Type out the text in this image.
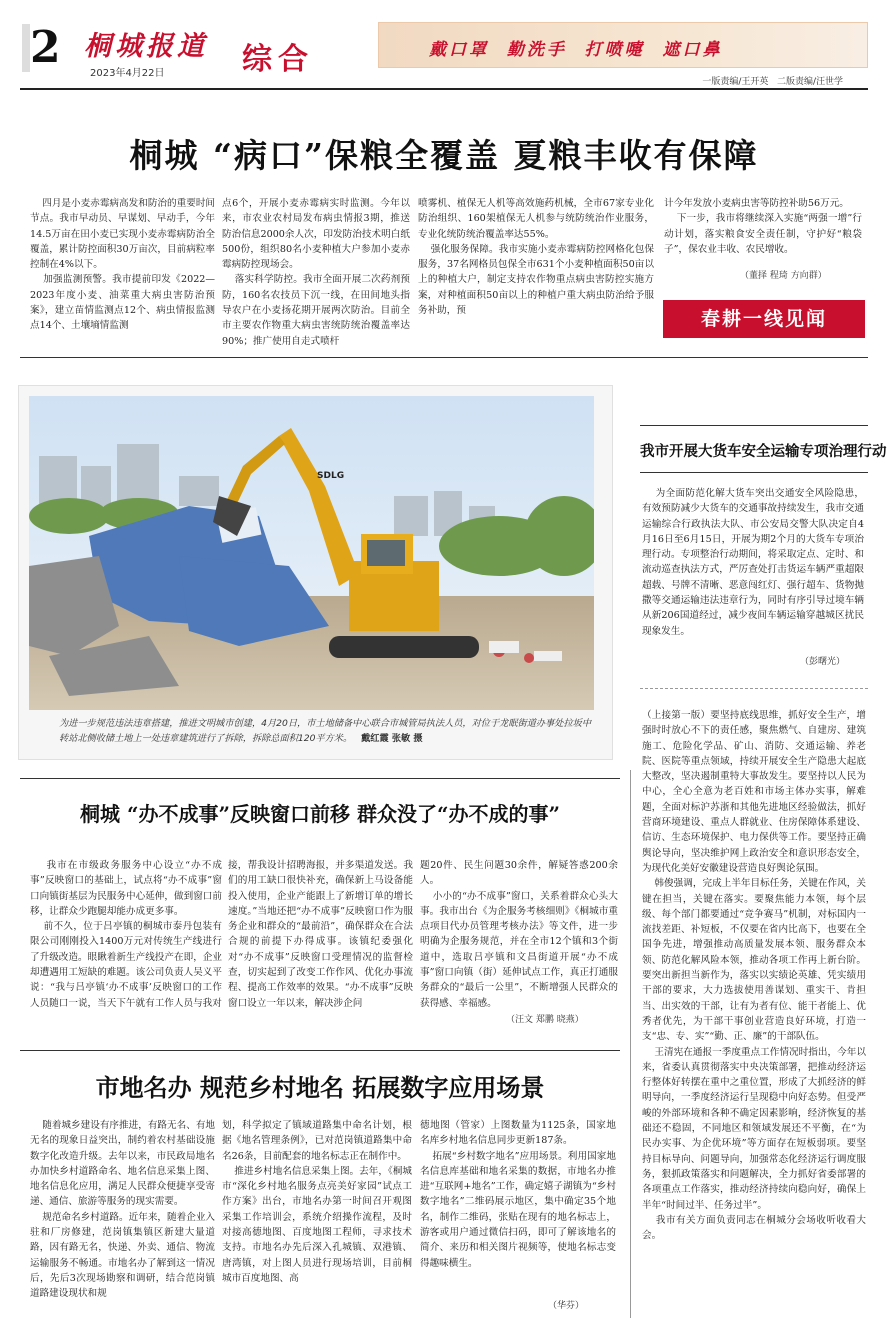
2 桐城报道
2023年4月22日	综合	戴口罩  勤洗手  打喷嚏  遮口鼻
一版责编/王开英   二版责编/汪世学
桐城 “病口”保粮全覆盖 夏粮丰收有保障
四月是小麦赤霉病高发和防治的重要时间节点。我市早动员、早谋划、早动手，今年14.5万亩在田小麦已实现小麦赤霉病防治全覆盖，累计防控面积30万亩次，目前病粒率控制在4%以下。
加强监测预警。我市提前印发《2022—2023年度小麦、油菜重大病虫害防治预案》，建立苗情监测点12个、病虫情报监测点14个、土壤墒情监测
点6个，开展小麦赤霉病实时监测。今年以来，市农业农村局发布病虫情报3期，推送防治信息2000余人次，印发防治技术明白纸500份，组织80名小麦种植大户参加小麦赤霉病防控现场会。
落实科学防控。我市全面开展二次药剂预防，160名农技员下沉一线，在田间地头指导农户在小麦扬花期开展两次防治。目前全市主要农作物重大病虫害统防统治覆盖率达90%；推广使用自走式喷杆
喷雾机、植保无人机等高效施药机械，全市67家专业化防治组织、160架植保无人机参与统防统治作业服务，专业化统防统治覆盖率达55%。
强化服务保障。我市实施小麦赤霉病防控网格化包保服务，37名网格员包保全市631个小麦种植面积50亩以上的种植大户，制定支持农作物重点病虫害防控实施方案，对种植面积50亩以上的种植户重大病虫防治给予服务补助，预
计今年发放小麦病虫害等防控补助56万元。
下一步，我市将继续深入实施“两强一增”行动计划，落实粮食安全责任制，守护好“粮袋子”，保农业丰收、农民增收。
（董择 程琦 方向群）
春耕一线见闻
SDLG
为进一步规范违法违章搭建，推进文明城市创建，4月20日，市土地储备中心联合市城管局执法人员，对位于龙眠街道办事处拉坂中转站北侧收储土地上一处违章建筑进行了拆除，拆除总面积120平方米。 戴红霞 张敏 摄
我市开展大货车安全运输专项治理行动
为全面防范化解大货车突出交通安全风险隐患，有效预防减少大货车的交通事故持续发生，我市交通运输综合行政执法大队、市公安局交警大队决定自4月16日至6月15日，开展为期2个月的大货车专项治理行动。专项整治行动期间，将采取定点、定时、和流动巡查执法方式，严厉查处打击货运车辆严重超限超载、号牌不清晰、恶意闯红灯、强行超车、货物抛撒等交通运输违法违章行为，同时有序引导过境车辆从新206国道经过，减少夜间车辆运输穿越城区扰民现象发生。
（彭曙光）
（上接第一版）要坚持底线思维，抓好安全生产，增强时时放心不下的责任感，聚焦燃气、自建房、建筑施工、危险化学品、矿山、消防、交通运输、养老院、医院等重点领域，持续开展安全生产隐患大起底大整改，坚决遏制重特大事故发生。要坚持以人民为中心，全心全意为老百姓和市场主体办实事，解难题，全面对标沪苏浙和其他先进地区经验做法，抓好营商环境建设、重点人群就业、住房保障体系建设、信访、生态环境保护、电力保供等工作。要坚持正确舆论导向，坚决维护网上政治安全和意识形态安全，为现代化美好安徽建设营造良好舆论氛围。
韩俊强调，完成上半年目标任务，关键在作风，关键在担当，关键在落实。要聚焦能力本领，每个层级、每个部门都要通过“竞争赛马”机制，对标国内一流找差距、补短板，不仅要在省内比高下，也要在全国争先进，增强推动高质量发展本领、服务群众本领、防范化解风险本领，推动各项工作再上新台阶。要突出新担当新作为，落实以实绩论英雄、凭实绩用干部的要求，大力选拔使用善谋划、重实干、肯担当、出实效的干部，让有为者有位、能干者能上、优秀者优先，为干部干事创业营造良好环境，打造一支“忠、专、实”“勤、正、廉”的干部队伍。
王清宪在通报一季度重点工作情况时指出，今年以来，省委认真贯彻落实中央决策部署，把推动经济运行整体好转摆在重中之重位置，形成了大抓经济的鲜明导向，一季度经济运行呈现稳中向好态势。但受严峻的外部环境和各种不确定因素影响，经济恢复的基础还不稳固，不同地区和领域发展还不平衡，在“为民办实事、为企优环境”等方面存在短板弱项。要坚持目标导向、问题导向，加强常态化经济运行调度服务，狠抓政策落实和问题解决，全力抓好省委部署的各项重点工作落实，推动经济持续向稳向好，确保上半年“时间过半、任务过半”。
我市有关方面负责同志在桐城分会场收听收看大会。
桐城 “办不成事”反映窗口前移 群众没了“办不成的事”
我市在市级政务服务中心设立“办不成事”反映窗口的基础上，试点将“办不成事”窗口向镇街基层为民服务中心延伸，做到窗口前移，让群众少跑腿却能办成更多事。
前不久，位于吕亭镇的桐城市泰丹包装有限公司刚刚投入1400万元对传统生产线进行了升级改造。眼瞅着新生产线投产在即，企业却遭遇用工短缺的难题。该公司负责人吴义平说：“我与吕亭镇‘办不成事’反映窗口的工作人员随口一说，当天下午就有工作人员与我对
接，帮我设计招聘海报，并多渠道发送。我们的用工缺口很快补充，确保新上马设备能投入使用，企业产能跟上了新增订单的增长速度。”当地还把“办不成事”反映窗口作为服务企业和群众的“最前沿”，确保群众在合法合规的前提下办得成事。该镇纪委强化对“办不成事”反映窗口受理情况的监督检查，切实起到了改变工作作风、优化办事流程、提高工作效率的效果。“办不成事”反映窗口设立一年以来，解决涉企问
题20件、民生问题30余件，解疑答惑200余人。
小小的“办不成事”窗口，关系着群众心头大事。我市出台《为企服务考核细则》《桐城市重点项目代办员管理考核办法》等文件，进一步明确为企服务规范，并在全市12个镇和3个街道中，选取吕亭镇和文昌街道开展“办不成事”窗口向镇（街）延伸试点工作，真正打通服务群众的“最后一公里”，不断增强人民群众的获得感、幸福感。
（汪文 郑鹏 晓燕）
市地名办 规范乡村地名 拓展数字应用场景
随着城乡建设有序推进，有路无名、有地无名的现象日益突出，制约着农村基础设施数字化改造升级。去年以来，市民政局地名办加快乡村道路命名、地名信息采集上图、地名信息化应用，满足人民群众便捷享受寄递、通信、旅游等服务的现实需要。
规范命名乡村道路。近年来，随着企业入驻和厂房修建，范岗镇集镇区新建大量道路，因有路无名，快递、外卖、通信、物流运输服务不畅通。市地名办了解到这一情况后，先后3次现场勘察和调研，结合范岗镇道路建设现状和规
划，科学拟定了镇域道路集中命名计划，根据《地名管理条例》，已对范岗镇道路集中命名26条，目前配套的地名标志正在制作中。
推进乡村地名信息采集上图。去年，《桐城市“深化乡村地名服务点亮美好家园”试点工作方案》出台，市地名办第一时间召开观图采集工作培训会，系统介绍操作流程，及时对接高德地图、百度地图工程师，寻求技术支持。市地名办先后深入孔城镇、双港镇、唐湾镇，对上图人员进行现场培训，目前桐城市百度地图、高
德地图（管家）上图数量为1125条，国家地名库乡村地名信息同步更新187条。
拓展“乡村数字地名”应用场景。利用国家地名信息库基础和地名采集的数据，市地名办推进“互联网+地名”工作，确定嬉子湖镇为“乡村数字地名”二维码展示地区，集中确定35个地名，制作二维码，张贴在现有的地名标志上，游客或用户通过微信扫码，即可了解该地名的简介、来历和相关图片视频等，使地名标志变得趣味横生。
（华芬）
